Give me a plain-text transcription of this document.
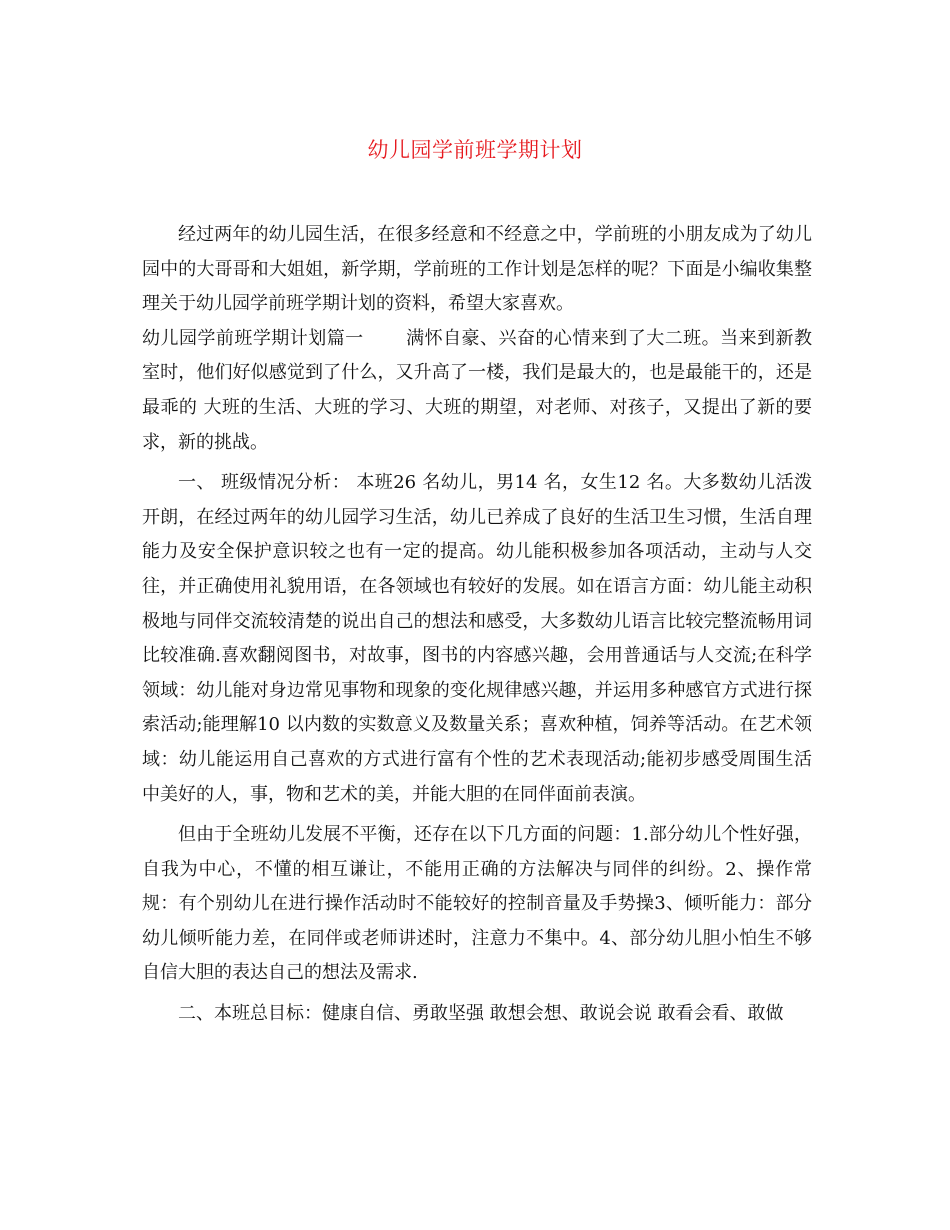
幼儿园学前班学期计划

经过两年的幼儿园生活，在很多经意和不经意之中，学前班的小朋友成为了幼儿园中的大哥哥和大姐姐，新学期，学前班的工作计划是怎样的呢？下面是小编收集整理关于幼儿园学前班学期计划的资料，希望大家喜欢。

幼儿园学前班学期计划篇一 满怀自豪、兴奋的心情来到了大二班。当来到新教室时，他们好似感觉到了什么，又升高了一楼，我们是最大的，也是最能干的，还是最乖的 大班的生活、大班的学习、大班的期望，对老师、对孩子，又提出了新的要求，新的挑战。

一、 班级情况分析： 本班26 名幼儿，男14 名，女生12 名。大多数幼儿活泼开朗，在经过两年的幼儿园学习生活，幼儿已养成了良好的生活卫生习惯，生活自理能力及安全保护意识较之也有一定的提高。幼儿能积极参加各项活动，主动与人交往，并正确使用礼貌用语，在各领域也有较好的发展。如在语言方面：幼儿能主动积极地与同伴交流较清楚的说出自己的想法和感受，大多数幼儿语言比较完整流畅用词比较准确.喜欢翻阅图书，对故事，图书的内容感兴趣，会用普通话与人交流;在科学领域：幼儿能对身边常见事物和现象的变化规律感兴趣，并运用多种感官方式进行探索活动;能理解10 以内数的实数意义及数量关系；喜欢种植，饲养等活动。在艺术领域：幼儿能运用自己喜欢的方式进行富有个性的艺术表现活动;能初步感受周围生活中美好的人，事，物和艺术的美，并能大胆的在同伴面前表演。

但由于全班幼儿发展不平衡，还存在以下几方面的问题：1.部分幼儿个性好强，自我为中心，不懂的相互谦让，不能用正确的方法解决与同伴的纠纷。2、操作常规：有个别幼儿在进行操作活动时不能较好的控制音量及手势操3、倾听能力：部分幼儿倾听能力差，在同伴或老师讲述时，注意力不集中。4、部分幼儿胆小怕生不够自信大胆的表达自己的想法及需求.

二、本班总目标：健康自信、勇敢坚强 敢想会想、敢说会说 敢看会看、敢做
